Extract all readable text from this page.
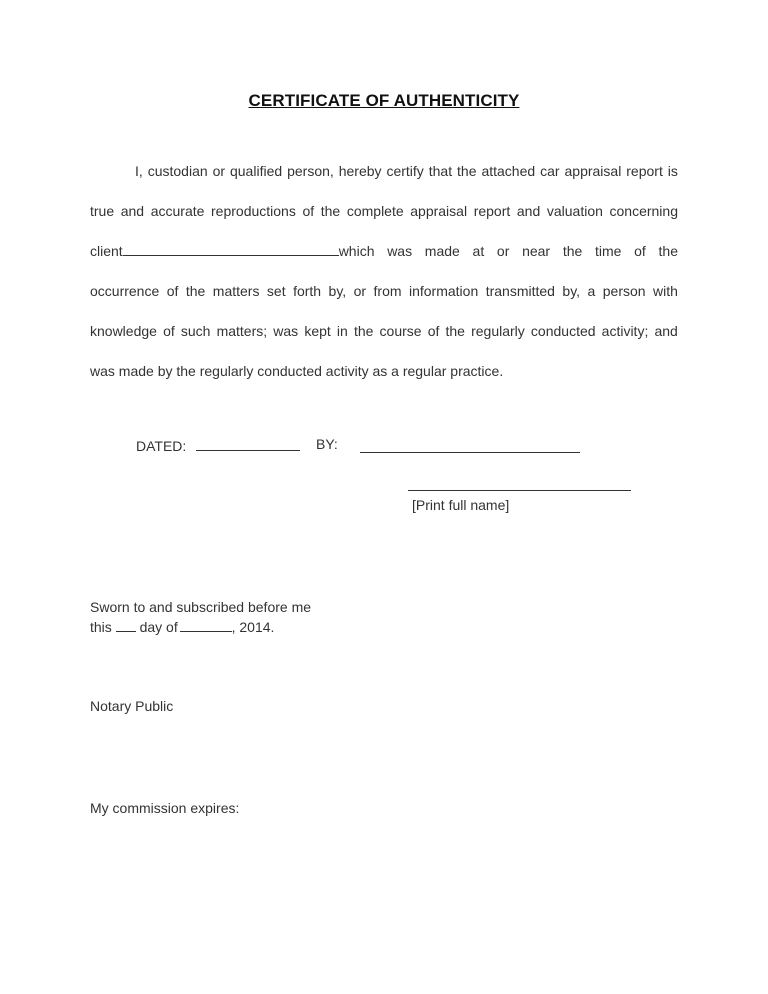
CERTIFICATE OF AUTHENTICITY
I, custodian or qualified person, hereby certify that the attached car appraisal report is
true and accurate reproductions of the complete appraisal report and valuation concerning
client	which was made at or near the time of the
occurrence of the matters set forth by, or from information transmitted by, a person with
knowledge of such matters; was kept in the course of the regularly conducted activity; and
was made by the regularly conducted activity as a regular practice.
DATED:	BY:
[Print full name]
Sworn to and subscribed before me
this day of	, 2014.
Notary Public
My commission expires:
